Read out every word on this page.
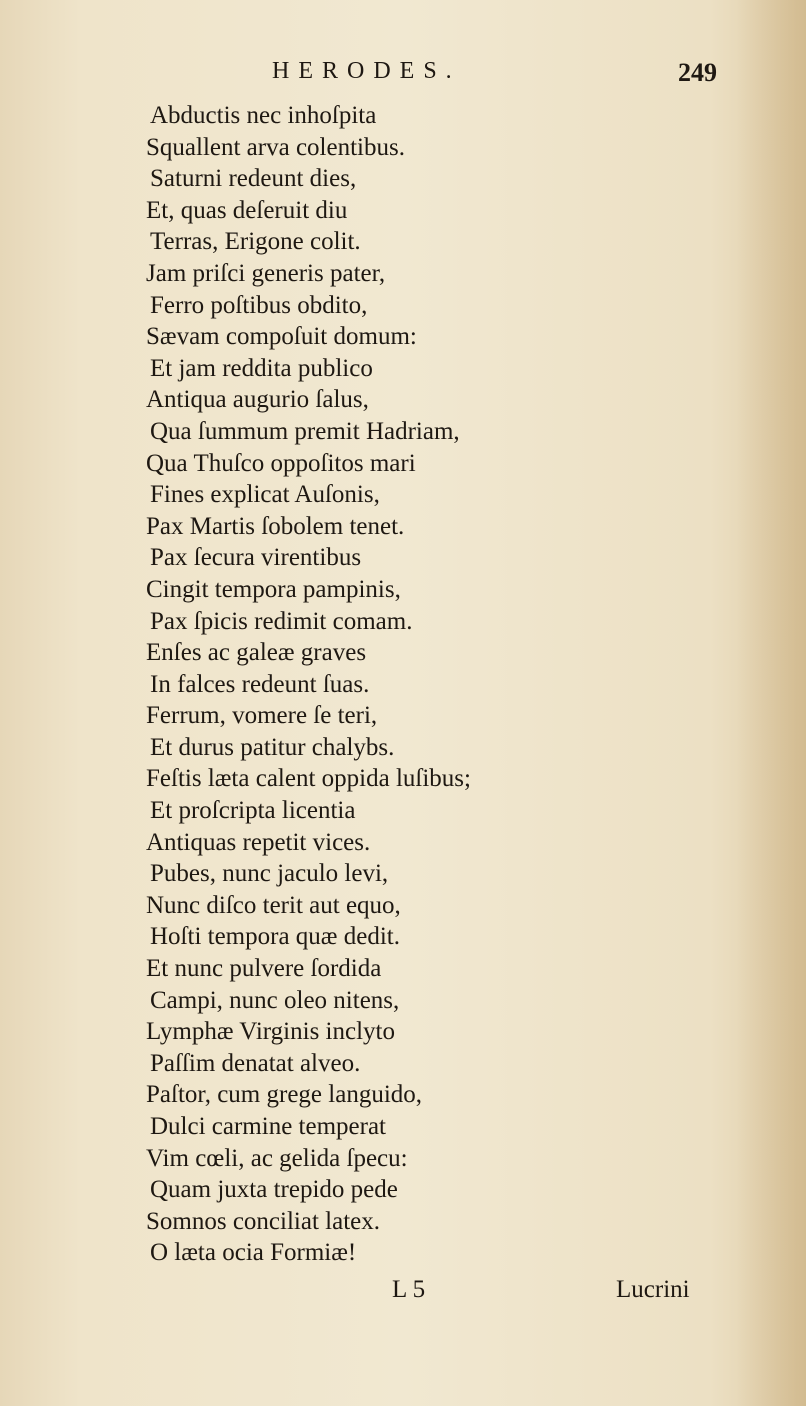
HERODES.	249
Abductis nec inhoſpita
Squallent arva colentibus.
Saturni redeunt dies,
Et, quas deſeruit diu
Terras, Erigone colit.
Jam priſci generis pater,
Ferro poſtibus obdito,
Sævam compoſuit domum:
Et jam reddita publico
Antiqua augurio ſalus,
Qua ſummum premit Hadriam,
Qua Thuſco oppoſitos mari
Fines explicat Auſonis,
Pax Martis ſobolem tenet.
Pax ſecura virentibus
Cingit tempora pampinis,
Pax ſpicis redimit comam.
Enſes ac galeæ graves
In falces redeunt ſuas.
Ferrum, vomere ſe teri,
Et durus patitur chalybs.
Feſtis læta calent oppida luſibus;
Et proſcripta licentia
Antiquas repetit vices.
Pubes, nunc jaculo levi,
Nunc diſco terit aut equo,
Hoſti tempora quæ dedit.
Et nunc pulvere ſordida
Campi, nunc oleo nitens,
Lymphæ Virginis inclyto
Paſſim denatat alveo.
Paſtor, cum grege languido,
Dulci carmine temperat
Vim cœli, ac gelida ſpecu:
Quam juxta trepido pede
Somnos conciliat latex.
O læta ocia Formiæ!
L 5	Lucrini
